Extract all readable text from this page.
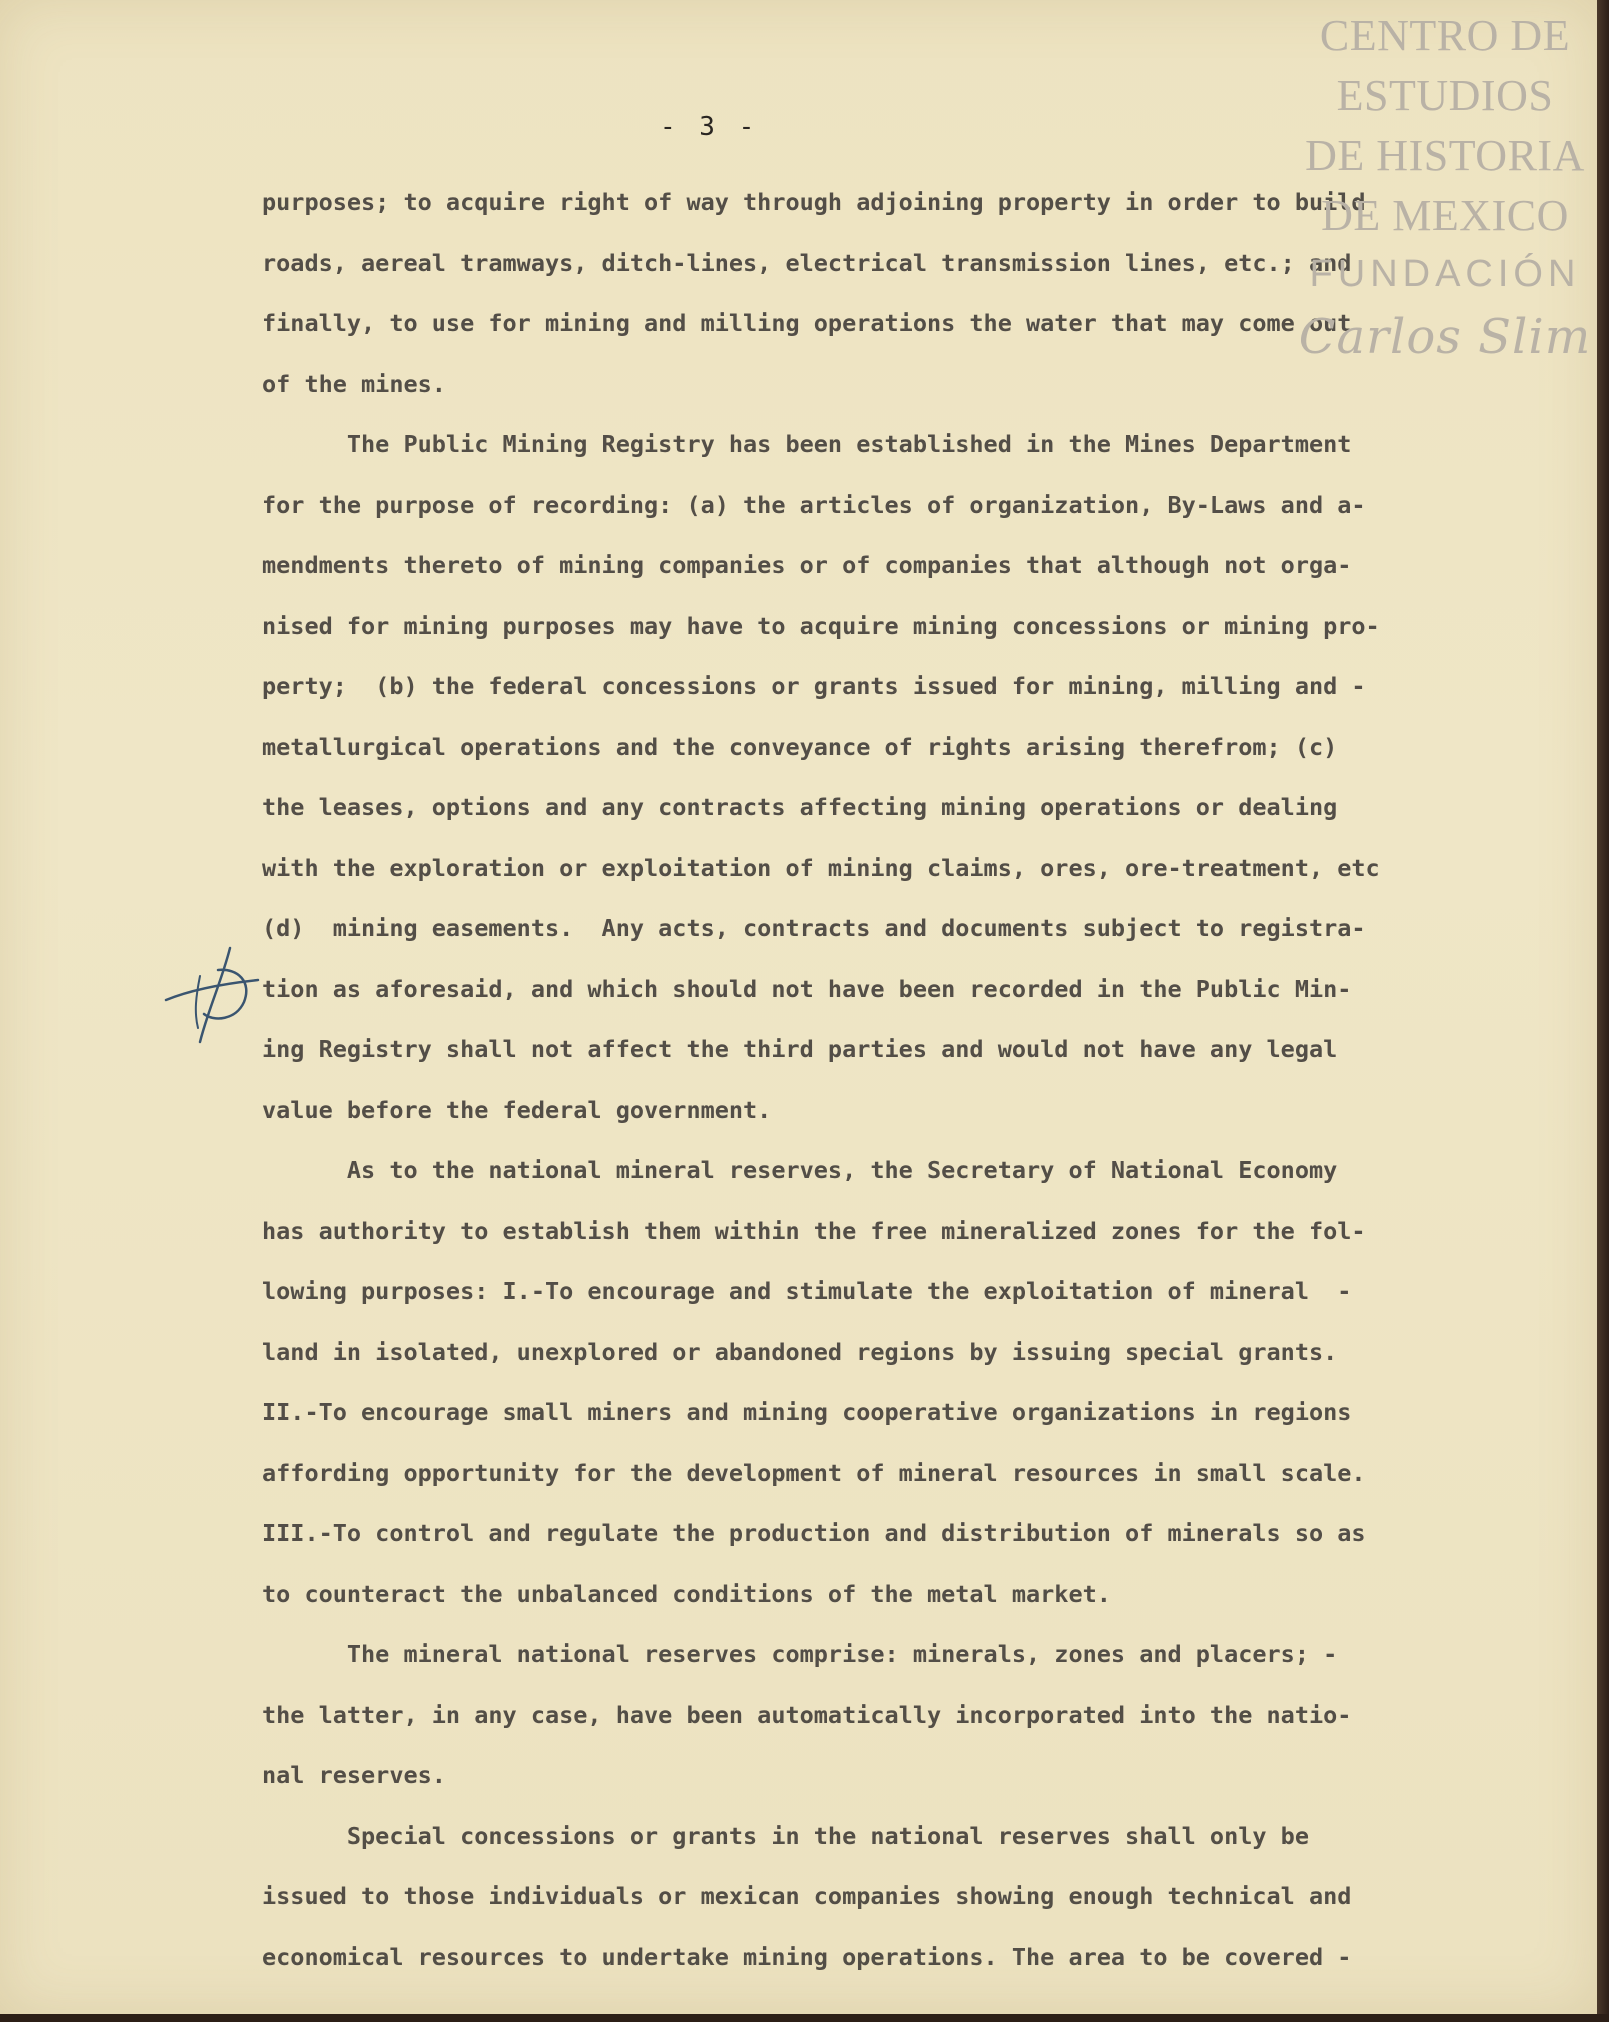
- 3 -
purposes; to acquire right of way through adjoining property in order to build
roads, aereal tramways, ditch-lines, electrical transmission lines, etc.; and
finally, to use for mining and milling operations the water that may come out
of the mines.
The Public Mining Registry has been established in the Mines Department
for the purpose of recording: (a) the articles of organization, By-Laws and a-
mendments thereto of mining companies or of companies that although not orga-
nised for mining purposes may have to acquire mining concessions or mining pro-
perty;  (b) the federal concessions or grants issued for mining, milling and -
metallurgical operations and the conveyance of rights arising therefrom; (c)
the leases, options and any contracts affecting mining operations or dealing
with the exploration or exploitation of mining claims, ores, ore-treatment, etc
(d)  mining easements.  Any acts, contracts and documents subject to registra-
tion as aforesaid, and which should not have been recorded in the Public Min-
ing Registry shall not affect the third parties and would not have any legal
value before the federal government.
As to the national mineral reserves, the Secretary of National Economy
has authority to establish them within the free mineralized zones for the fol-
lowing purposes: I.-To encourage and stimulate the exploitation of mineral  -
land in isolated, unexplored or abandoned regions by issuing special grants.
II.-To encourage small miners and mining cooperative organizations in regions
affording opportunity for the development of mineral resources in small scale.
III.-To control and regulate the production and distribution of minerals so as
to counteract the unbalanced conditions of the metal market.
The mineral national reserves comprise: minerals, zones and placers; -
the latter, in any case, have been automatically incorporated into the natio-
nal reserves.
Special concessions or grants in the national reserves shall only be
issued to those individuals or mexican companies showing enough technical and
economical resources to undertake mining operations. The area to be covered -
CENTRO DE
ESTUDIOS
DE HISTORIA
DE MEXICO
FUNDACIÓN
Carlos Slim
